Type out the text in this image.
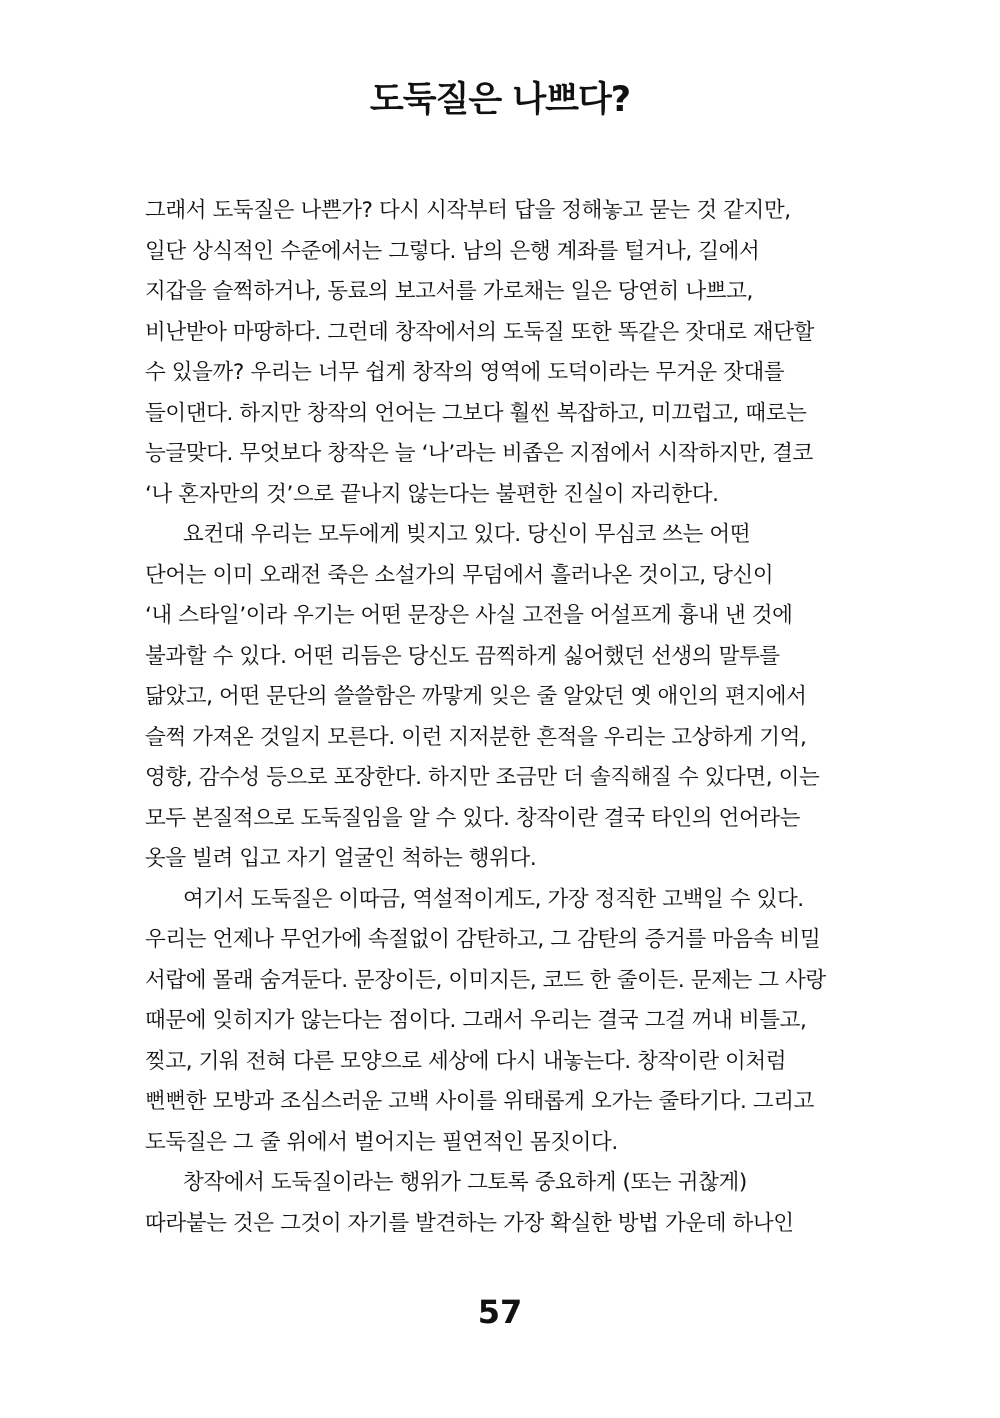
도둑질은 나쁘다?
그래서 도둑질은 나쁜가? 다시 시작부터 답을 정해놓고 묻는 것 같지만,
일단 상식적인 수준에서는 그렇다. 남의 은행 계좌를 털거나, 길에서
지갑을 슬쩍하거나, 동료의 보고서를 가로채는 일은 당연히 나쁘고,
비난받아 마땅하다. 그런데 창작에서의 도둑질 또한 똑같은 잣대로 재단할
수 있을까? 우리는 너무 쉽게 창작의 영역에 도덕이라는 무거운 잣대를
들이댄다. 하지만 창작의 언어는 그보다 훨씬 복잡하고, 미끄럽고, 때로는
능글맞다. 무엇보다 창작은 늘 ‘나’라는 비좁은 지점에서 시작하지만, 결코
‘나 혼자만의 것’으로 끝나지 않는다는 불편한 진실이 자리한다.
요컨대 우리는 모두에게 빚지고 있다. 당신이 무심코 쓰는 어떤
단어는 이미 오래전 죽은 소설가의 무덤에서 흘러나온 것이고, 당신이
‘내 스타일’이라 우기는 어떤 문장은 사실 고전을 어설프게 흉내 낸 것에
불과할 수 있다. 어떤 리듬은 당신도 끔찍하게 싫어했던 선생의 말투를
닮았고, 어떤 문단의 쓸쓸함은 까맣게 잊은 줄 알았던 옛 애인의 편지에서
슬쩍 가져온 것일지 모른다. 이런 지저분한 흔적을 우리는 고상하게 기억,
영향, 감수성 등으로 포장한다. 하지만 조금만 더 솔직해질 수 있다면, 이는
모두 본질적으로 도둑질임을 알 수 있다. 창작이란 결국 타인의 언어라는
옷을 빌려 입고 자기 얼굴인 척하는 행위다.
여기서 도둑질은 이따금, 역설적이게도, 가장 정직한 고백일 수 있다.
우리는 언제나 무언가에 속절없이 감탄하고, 그 감탄의 증거를 마음속 비밀
서랍에 몰래 숨겨둔다. 문장이든, 이미지든, 코드 한 줄이든. 문제는 그 사랑
때문에 잊히지가 않는다는 점이다. 그래서 우리는 결국 그걸 꺼내 비틀고,
찢고, 기워 전혀 다른 모양으로 세상에 다시 내놓는다. 창작이란 이처럼
뻔뻔한 모방과 조심스러운 고백 사이를 위태롭게 오가는 줄타기다. 그리고
도둑질은 그 줄 위에서 벌어지는 필연적인 몸짓이다.
창작에서 도둑질이라는 행위가 그토록 중요하게 (또는 귀찮게)
따라붙는 것은 그것이 자기를 발견하는 가장 확실한 방법 가운데 하나인
57
